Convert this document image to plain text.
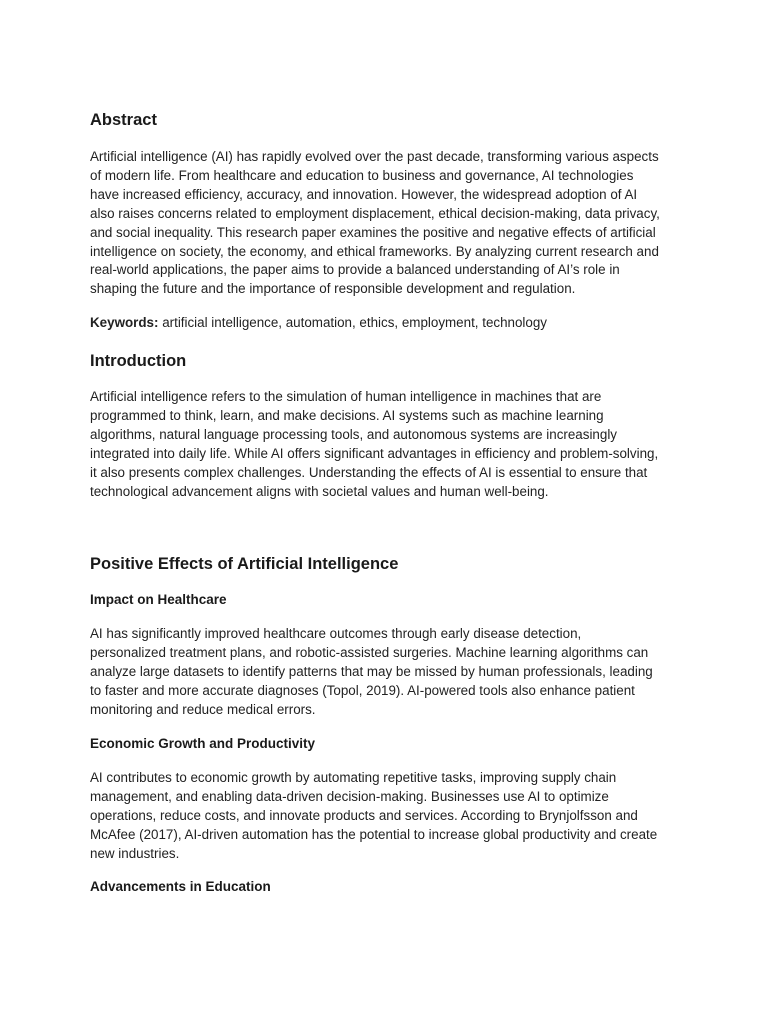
Abstract

Artificial intelligence (AI) has rapidly evolved over the past decade, transforming various aspects
of modern life. From healthcare and education to business and governance, AI technologies
have increased efficiency, accuracy, and innovation. However, the widespread adoption of AI
also raises concerns related to employment displacement, ethical decision-making, data privacy,
and social inequality. This research paper examines the positive and negative effects of artificial
intelligence on society, the economy, and ethical frameworks. By analyzing current research and
real-world applications, the paper aims to provide a balanced understanding of AI’s role in
shaping the future and the importance of responsible development and regulation.

Keywords: artificial intelligence, automation, ethics, employment, technology

Introduction

Artificial intelligence refers to the simulation of human intelligence in machines that are
programmed to think, learn, and make decisions. AI systems such as machine learning
algorithms, natural language processing tools, and autonomous systems are increasingly
integrated into daily life. While AI offers significant advantages in efficiency and problem-solving,
it also presents complex challenges. Understanding the effects of AI is essential to ensure that
technological advancement aligns with societal values and human well-being.

Positive Effects of Artificial Intelligence
Impact on Healthcare

AI has significantly improved healthcare outcomes through early disease detection,
personalized treatment plans, and robotic-assisted surgeries. Machine learning algorithms can
analyze large datasets to identify patterns that may be missed by human professionals, leading
to faster and more accurate diagnoses (Topol, 2019). AI-powered tools also enhance patient
monitoring and reduce medical errors.

Economic Growth and Productivity

AI contributes to economic growth by automating repetitive tasks, improving supply chain
management, and enabling data-driven decision-making. Businesses use AI to optimize
operations, reduce costs, and innovate products and services. According to Brynjolfsson and
McAfee (2017), AI-driven automation has the potential to increase global productivity and create
new industries.

Advancements in Education
